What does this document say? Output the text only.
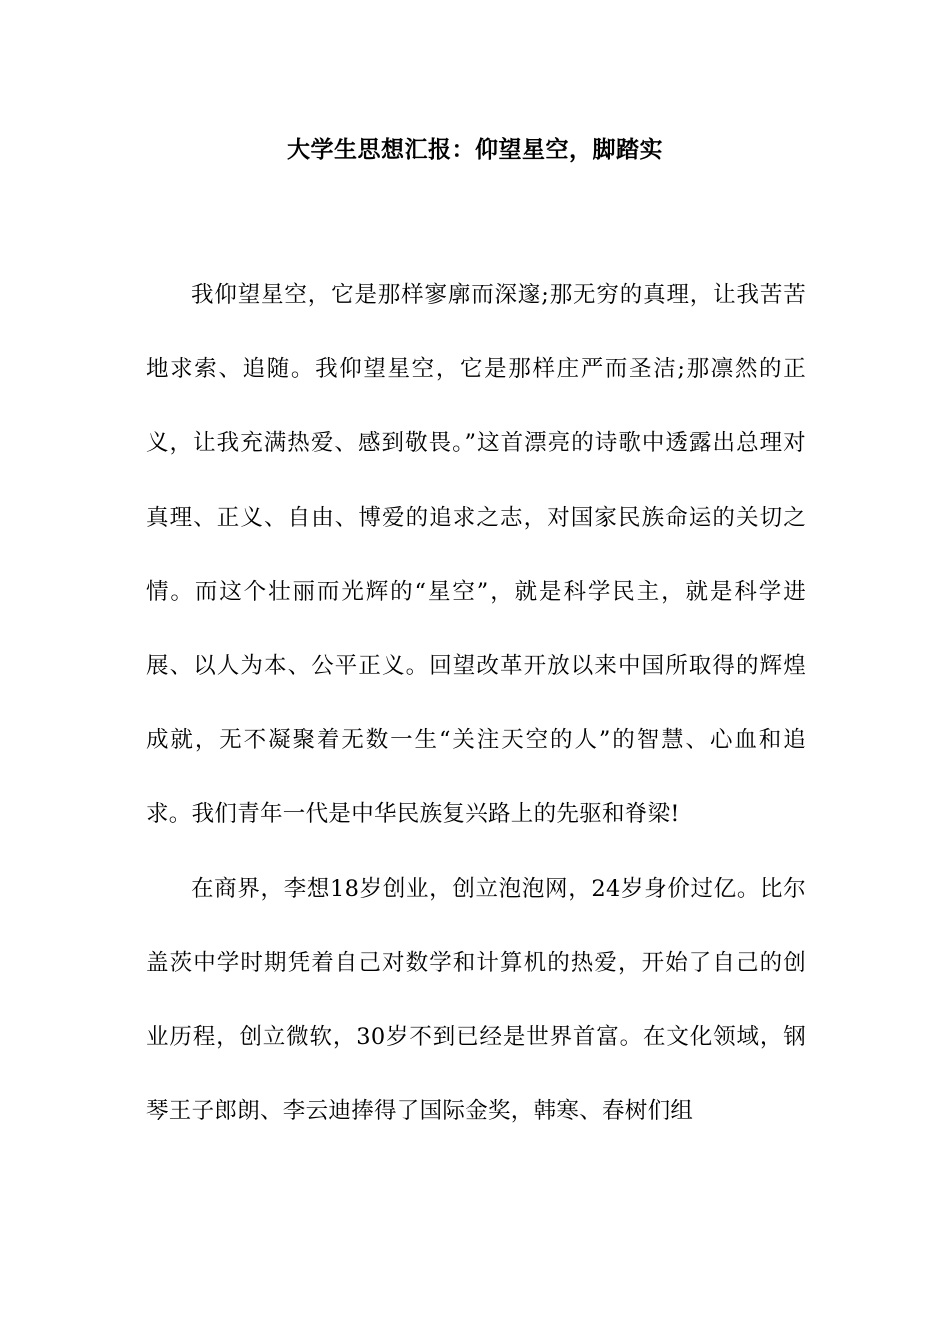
大学生思想汇报：仰望星空，脚踏实

我仰望星空，它是那样寥廓而深邃;那无穷的真理，让我苦苦地求索、追随。我仰望星空，它是那样庄严而圣洁;那凛然的正义，让我充满热爱、感到敬畏。”这首漂亮的诗歌中透露出总理对真理、正义、自由、博爱的追求之志，对国家民族命运的关切之情。而这个壮丽而光辉的“星空”，就是科学民主，就是科学进展、以人为本、公平正义。回望改革开放以来中国所取得的辉煌成就，无不凝聚着无数一生“关注天空的人”的智慧、心血和追求。我们青年一代是中华民族复兴路上的先驱和脊梁!

在商界，李想18岁创业，创立泡泡网，24岁身价过亿。比尔 盖茨中学时期凭着自己对数学和计算机的热爱，开始了自己的创业历程，创立微软，30岁不到已经是世界首富。在文化领域，钢琴王子郎朗、李云迪捧得了国际金奖，韩寒、春树们组
